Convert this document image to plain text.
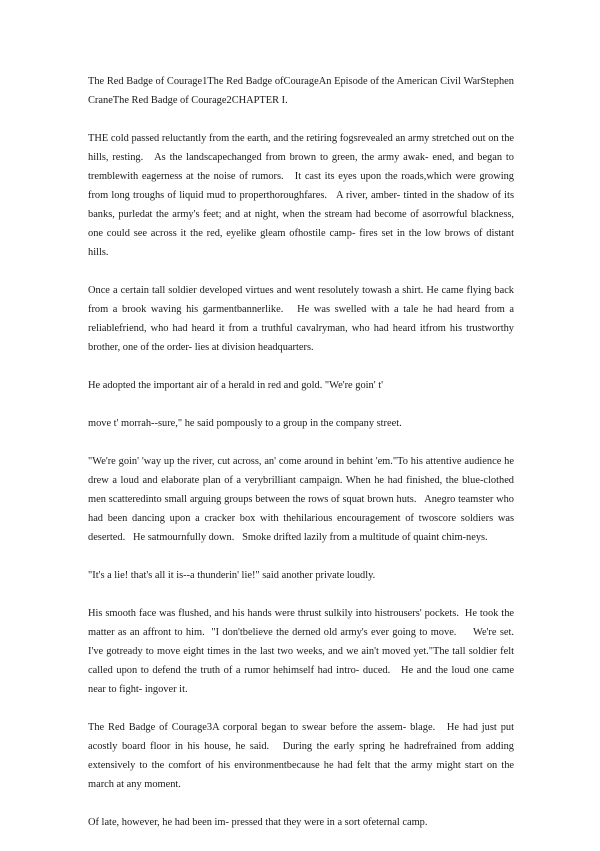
The Red Badge of Courage1The Red Badge ofCourageAn Episode of the American Civil WarStephen CraneThe Red Badge of Courage2CHAPTER I.

THE cold passed reluctantly from the earth, and the retiring fogsrevealed an army stretched out on the hills, resting.   As the landscapechanged from brown to green, the army awak- ened, and began to tremblewith eagerness at the noise of rumors.   It cast its eyes upon the roads,which were growing from long troughs of liquid mud to properthoroughfares.   A river, amber- tinted in the shadow of its banks, purledat the army's feet; and at night, when the stream had become of asorrowful blackness, one could see across it the red, eyelike gleam ofhostile camp- fires set in the low brows of distant hills.

Once a certain tall soldier developed virtues and went resolutely towash a shirt. He came flying back from a brook waving his garmentbannerlike.   He was swelled with a tale he had heard from a reliablefriend, who had heard it from a truthful cavalryman, who had heard itfrom his trustworthy brother, one of the order- lies at division headquarters.

He adopted the important air of a herald in red and gold. "We're goin' t'

move t' morrah--sure," he said pompously to a group in the company street.

"We're goin' 'way up the river, cut across, an' come around in behint 'em."To his attentive audience he drew a loud and elaborate plan of a verybrilliant campaign. When he had finished, the blue-clothed men scatteredinto small arguing groups between the rows of squat brown huts.   Anegro teamster who had been dancing upon a cracker box with thehilarious encouragement of twoscore soldiers was deserted.   He satmournfully down.   Smoke drifted lazily from a multitude of quaint chim-neys.

"It's a lie! that's all it is--a thunderin' lie!" said another private loudly.

His smooth face was flushed, and his hands were thrust sulkily into histrousers' pockets.  He took the matter as an affront to him.  "I don'tbelieve the derned old army's ever going to move.     We're set.    I've gotready to move eight times in the last two weeks, and we ain't moved yet."The tall soldier felt called upon to defend the truth of a rumor hehimself had intro- duced.   He and the loud one came near to fight- ingover it.

The Red Badge of Courage3A corporal began to swear before the assem- blage.   He had just put acostly board floor in his house, he said.   During the early spring he hadrefrained from adding extensively to the comfort of his environmentbecause he had felt that the army might start on the march at any moment.

Of late, however, he had been im- pressed that they were in a sort ofeternal camp.
